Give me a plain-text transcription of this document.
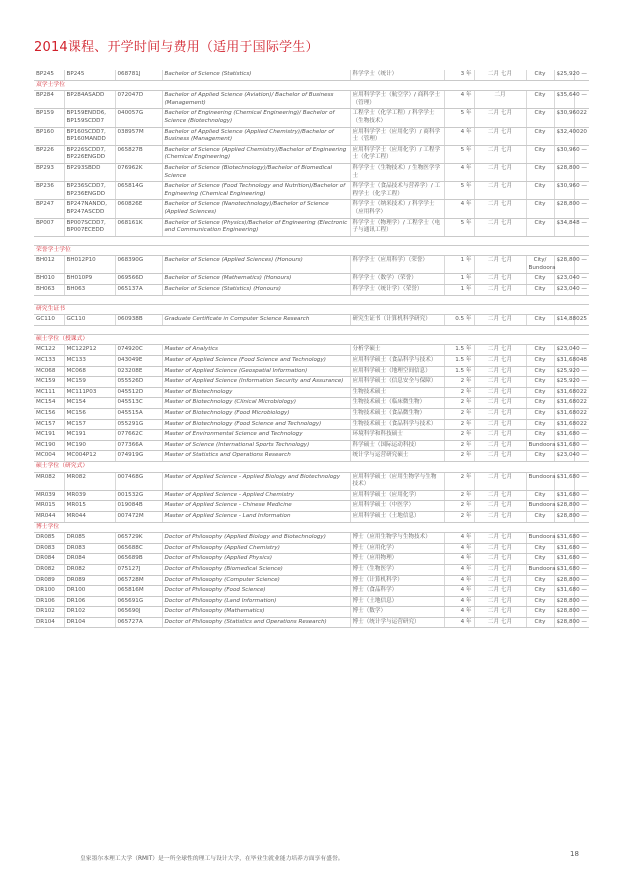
2014课程、开学时间与费用（适用于国际学生）
BP245	BP245	068781J	Bachelor of Science (Statistics)	科学学士（统计）	3 年	二月 七月	City	$25,920	—
双学士学位									
BP284	BP284ASADD	072047D	Bachelor of Applied Science (Aviation)/ Bachelor of Business (Management)	应用科学学士（航空学）/ 商科学士（管理）	4 年	二月	City	$35,640	—
BP159	BP159ENDD6, BP159SCDD7	040057G	Bachelor of Engineering (Chemical Engineering)/ Bachelor of Science (Biotechnology)	工程学士（化学工程）/ 科学学士（生物技术）	5 年	二月 七月	City	$30,960	22
BP160	BP160SCDD7, BP160MANDD	038957M	Bachelor of Applied Science (Applied Chemistry)/Bachelor of Business (Management)	应用科学学士（应用化学）/ 商科学士（管理）	4 年	二月 七月	City	$32,400	20
BP226	BP226SCDD7, BP226ENGDD	065827B	Bachelor of Science (Applied Chemistry)/Bachelor of Engineering (Chemical Engineering)	应用科学学士（应用化学）/ 工程学士（化学工程）	5 年	二月 七月	City	$30,960	—
BP293	BP293SBDD	076962K	Bachelor of Science (Biotechnology)/Bachelor of Biomedical Science	科学学士（生物技术）/ 生物医学学士	4 年	二月 七月	City	$28,800	—
BP236	BP236SCDD7, BP236ENGDD	065814G	Bachelor of Science (Food Technology and Nutrition)/Bachelor of Engineering (Chemical Engineering)	科学学士（食品技术与营养学）/ 工程学士（化学工程）	5 年	二月 七月	City	$30,960	—
BP247	BP247NANDD, BP247ASCDD	060826E	Bachelor of Science (Nanotechnology)/Bachelor of Science (Applied Sciences)	科学学士（纳米技术）/ 科学学士（应用科学）	4 年	二月 七月	City	$28,800	—
BP007	BP007SCDD7, BP007ECEDD	068161K	Bachelor of Science (Physics)/Bachelor of Engineering (Electronic and Communication Engineering)	科学学士（物理学）/ 工程学士（电子与通讯工程）	5 年	二月 七月	City	$34,848	—

荣誉学士学位									
BH012	BH012P10	068390G	Bachelor of Science (Applied Sciences) (Honours)	科学学士（应用科学）（荣誉）	1 年	二月 七月	City/ Bundoora	$28,800	—
BH010	BH010P9	069566D	Bachelor of Science (Mathematics) (Honours)	科学学士（数学）（荣誉）	1 年	二月 七月	City	$23,040	—
BH063	BH063	065137A	Bachelor of Science (Statistics) (Honours)	科学学士（统计学）（荣誉）	1 年	二月 七月	City	$23,040	—

研究生证书									
GC110	GC110	060938B	Graduate Certificate in Computer Science Research	研究生证书（计算机科学研究）	0.5 年	二月 七月	City	$14,880	25

硕士学位（授课式）									
MC122	MC122P12	074920C	Master of Analytics	分析学硕士	1.5 年	二月 七月	City	$23,040	—
MC133	MC133	043049E	Master of Applied Science (Food Science and Technology)	应用科学硕士（食品科学与技术）	1.5 年	二月 七月	City	$31,680	48
MC068	MC068	023208E	Master of Applied Science (Geospatial Information)	应用科学硕士（地理空间信息）	1.5 年	二月 七月	City	$25,920	—
MC159	MC159	055526D	Master of Applied Science (Information Security and Assurance)	应用科学硕士（信息安全与保障）	2 年	二月 七月	City	$25,920	—
MC111	MC111P03	045512D	Master of Biotechnology	生物技术硕士	2 年	二月 七月	City	$31,680	22
MC154	MC154	045513C	Master of Biotechnology (Clinical Microbiology)	生物技术硕士（临床微生物）	2 年	二月 七月	City	$31,680	22
MC156	MC156	045515A	Master of Biotechnology (Food Microbiology)	生物技术硕士（食品微生物）	2 年	二月 七月	City	$31,680	22
MC157	MC157	055291G	Master of Biotechnology (Food Science and Technology)	生物技术硕士（食品科学与技术）	2 年	二月 七月	City	$31,680	22
MC191	MC191	077662C	Master of Environmental Science and Technology	环境科学和科技硕士	2 年	二月 七月	City	$31,680	—
MC190	MC190	077366A	Master of Science (International Sports Technology)	科学硕士（国际运动科技）	2 年	二月 七月	Bundoora	$31,680	—
MC004	MC004P12	074919G	Master of Statistics and Operations Research	统计学与运营研究硕士	2 年	二月 七月	City	$23,040	—
硕士学位（研究式）									
MR082	MR082	007468G	Master of Applied Science - Applied Biology and Biotechnology	应用科学硕士（应用生物学与生物技术）	2 年	二月 七月	Bundoora	$31,680	—
MR039	MR039	001532G	Master of Applied Science - Applied Chemistry	应用科学硕士（应用化学）	2 年	二月 七月	City	$31,680	—
MR015	MR015	019084B	Master of Applied Science - Chinese Medicine	应用科学硕士（中医学）	2 年	二月 七月	Bundoora	$28,800	—
MR044	MR044	007472M	Master of Applied Science - Land Information	应用科学硕士（土地信息）	2 年	二月 七月	City	$28,800	—
博士学位									
DR085	DR085	065729K	Doctor of Philosophy (Applied Biology and Biotechnology)	博士（应用生物学与生物技术）	4 年	二月 七月	Bundoora	$31,680	—
DR083	DR083	065688C	Doctor of Philosophy (Applied Chemistry)	博士（应用化学）	4 年	二月 七月	City	$31,680	—
DR084	DR084	065689B	Doctor of Philosophy (Applied Physics)	博士（应用物理）	4 年	二月 七月	City	$31,680	—
DR082	DR082	075127J	Doctor of Philosophy (Biomedical Science)	博士（生物医学）	4 年	二月 七月	Bundoora	$31,680	—
DR089	DR089	065728M	Doctor of Philosophy (Computer Science)	博士（计算机科学）	4 年	二月 七月	City	$28,800	—
DR100	DR100	065816M	Doctor of Philosophy (Food Science)	博士（食品科学）	4 年	二月 七月	City	$31,680	—
DR106	DR106	065691G	Doctor of Philosophy (Land Information)	博士（土地信息）	4 年	二月 七月	City	$28,800	—
DR102	DR102	065690J	Doctor of Philosophy (Mathematics)	博士（数学）	4 年	二月 七月	City	$28,800	—
DR104	DR104	065727A	Doctor of Philosophy (Statistics and Operations Research)	博士（统计学与运营研究）	4 年	二月 七月	City	$28,800	—
皇家墨尔本理工大学（RMIT）是一所全球性的理工与设计大学，在毕业生就业能力培养方面享有盛誉。
18
